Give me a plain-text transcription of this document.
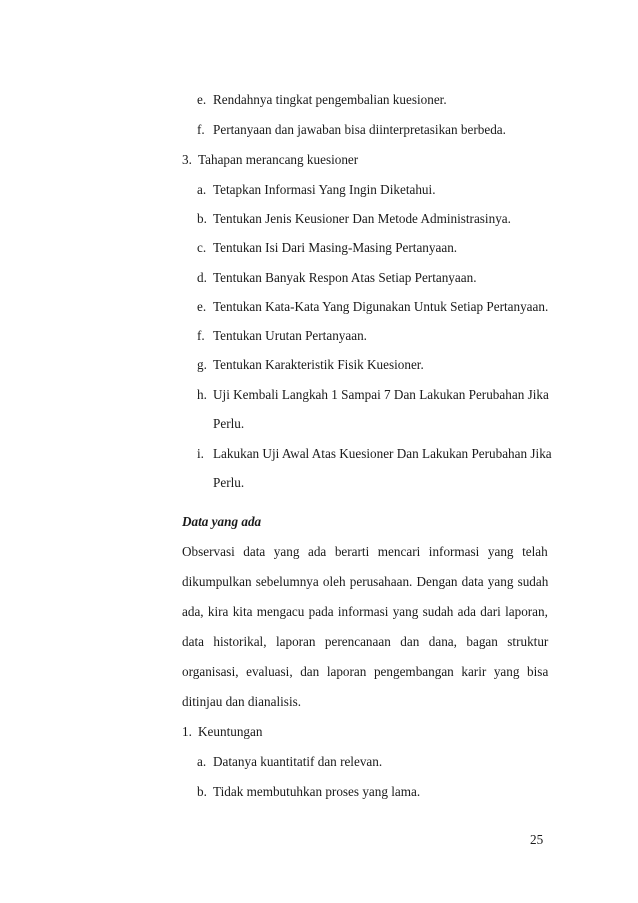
e. Rendahnya tingkat pengembalian kuesioner.
f. Pertanyaan dan jawaban bisa diinterpretasikan berbeda.
3. Tahapan merancang kuesioner
a. Tetapkan Informasi Yang Ingin Diketahui.
b. Tentukan Jenis Keusioner Dan Metode Administrasinya.
c. Tentukan Isi Dari Masing-Masing Pertanyaan.
d. Tentukan Banyak Respon Atas Setiap Pertanyaan.
e. Tentukan Kata-Kata Yang Digunakan Untuk Setiap Pertanyaan.
f. Tentukan Urutan Pertanyaan.
g. Tentukan Karakteristik Fisik Kuesioner.
h. Uji Kembali Langkah 1 Sampai 7 Dan Lakukan Perubahan Jika
Perlu.
i. Lakukan Uji Awal Atas Kuesioner Dan Lakukan Perubahan Jika
Perlu.
Data yang ada
Observasi data yang ada berarti mencari informasi yang telah
dikumpulkan sebelumnya oleh perusahaan. Dengan data yang sudah
ada, kira kita mengacu pada informasi yang sudah ada dari laporan,
data historikal, laporan perencanaan dan dana, bagan struktur
organisasi, evaluasi, dan laporan pengembangan karir yang bisa
ditinjau dan dianalisis.
1. Keuntungan
a. Datanya kuantitatif dan relevan.
b. Tidak membutuhkan proses yang lama.
25
